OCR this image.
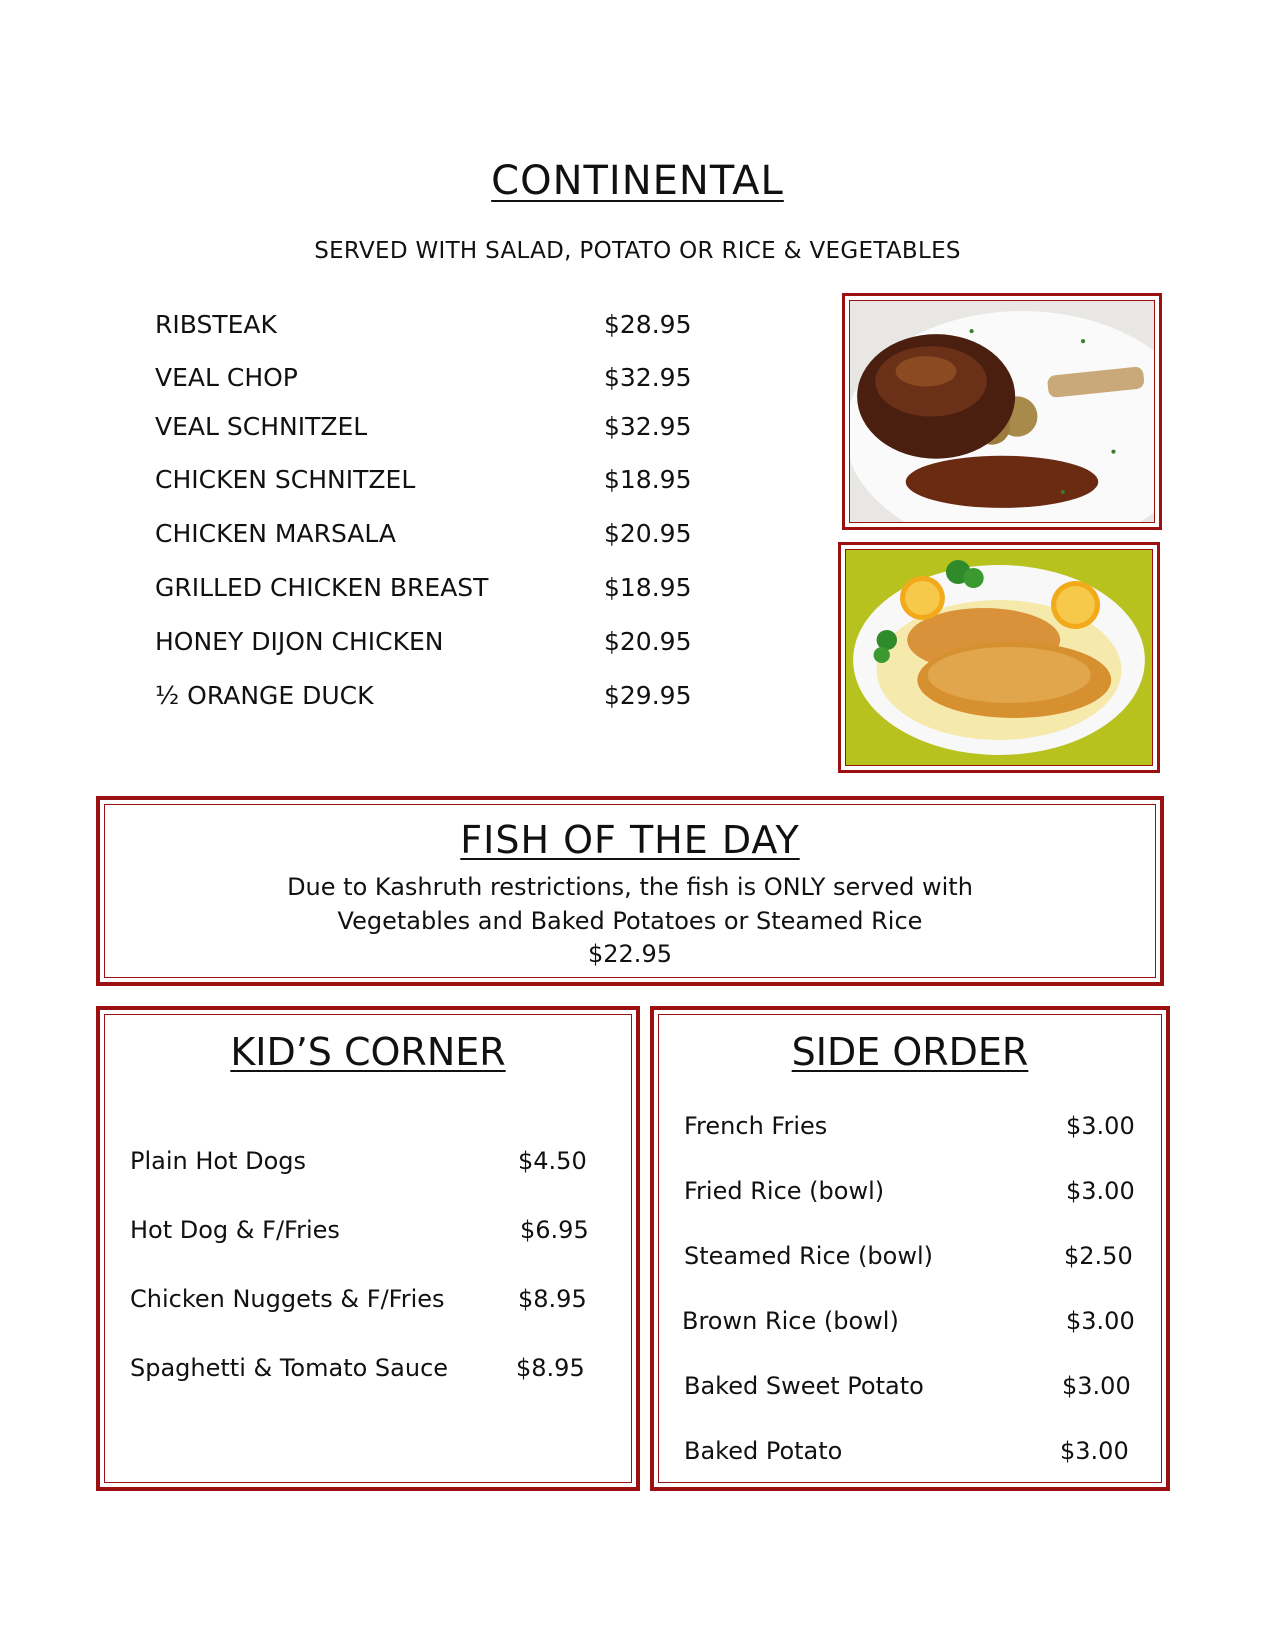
CONTINENTAL
SERVED WITH SALAD, POTATO OR RICE & VEGETABLES
RIBSTEAK	$28.95
VEAL CHOP	$32.95
VEAL SCHNITZEL	$32.95
CHICKEN SCHNITZEL	$18.95
CHICKEN MARSALA	$20.95
GRILLED CHICKEN BREAST	$18.95
HONEY DIJON CHICKEN	$20.95
½ ORANGE DUCK	$29.95
FISH OF THE DAY
Due to Kashruth restrictions, the fish is ONLY served with
Vegetables and Baked Potatoes or Steamed Rice
$22.95
KID’S CORNER
Plain Hot Dogs	$4.50
Hot Dog & F/Fries	$6.95
Chicken Nuggets & F/Fries	$8.95
Spaghetti & Tomato Sauce	$8.95
SIDE ORDER
French Fries	$3.00
Fried Rice (bowl)	$3.00
Steamed Rice (bowl)	$2.50
Brown Rice (bowl)	$3.00
Baked Sweet Potato	$3.00
Baked Potato	$3.00
